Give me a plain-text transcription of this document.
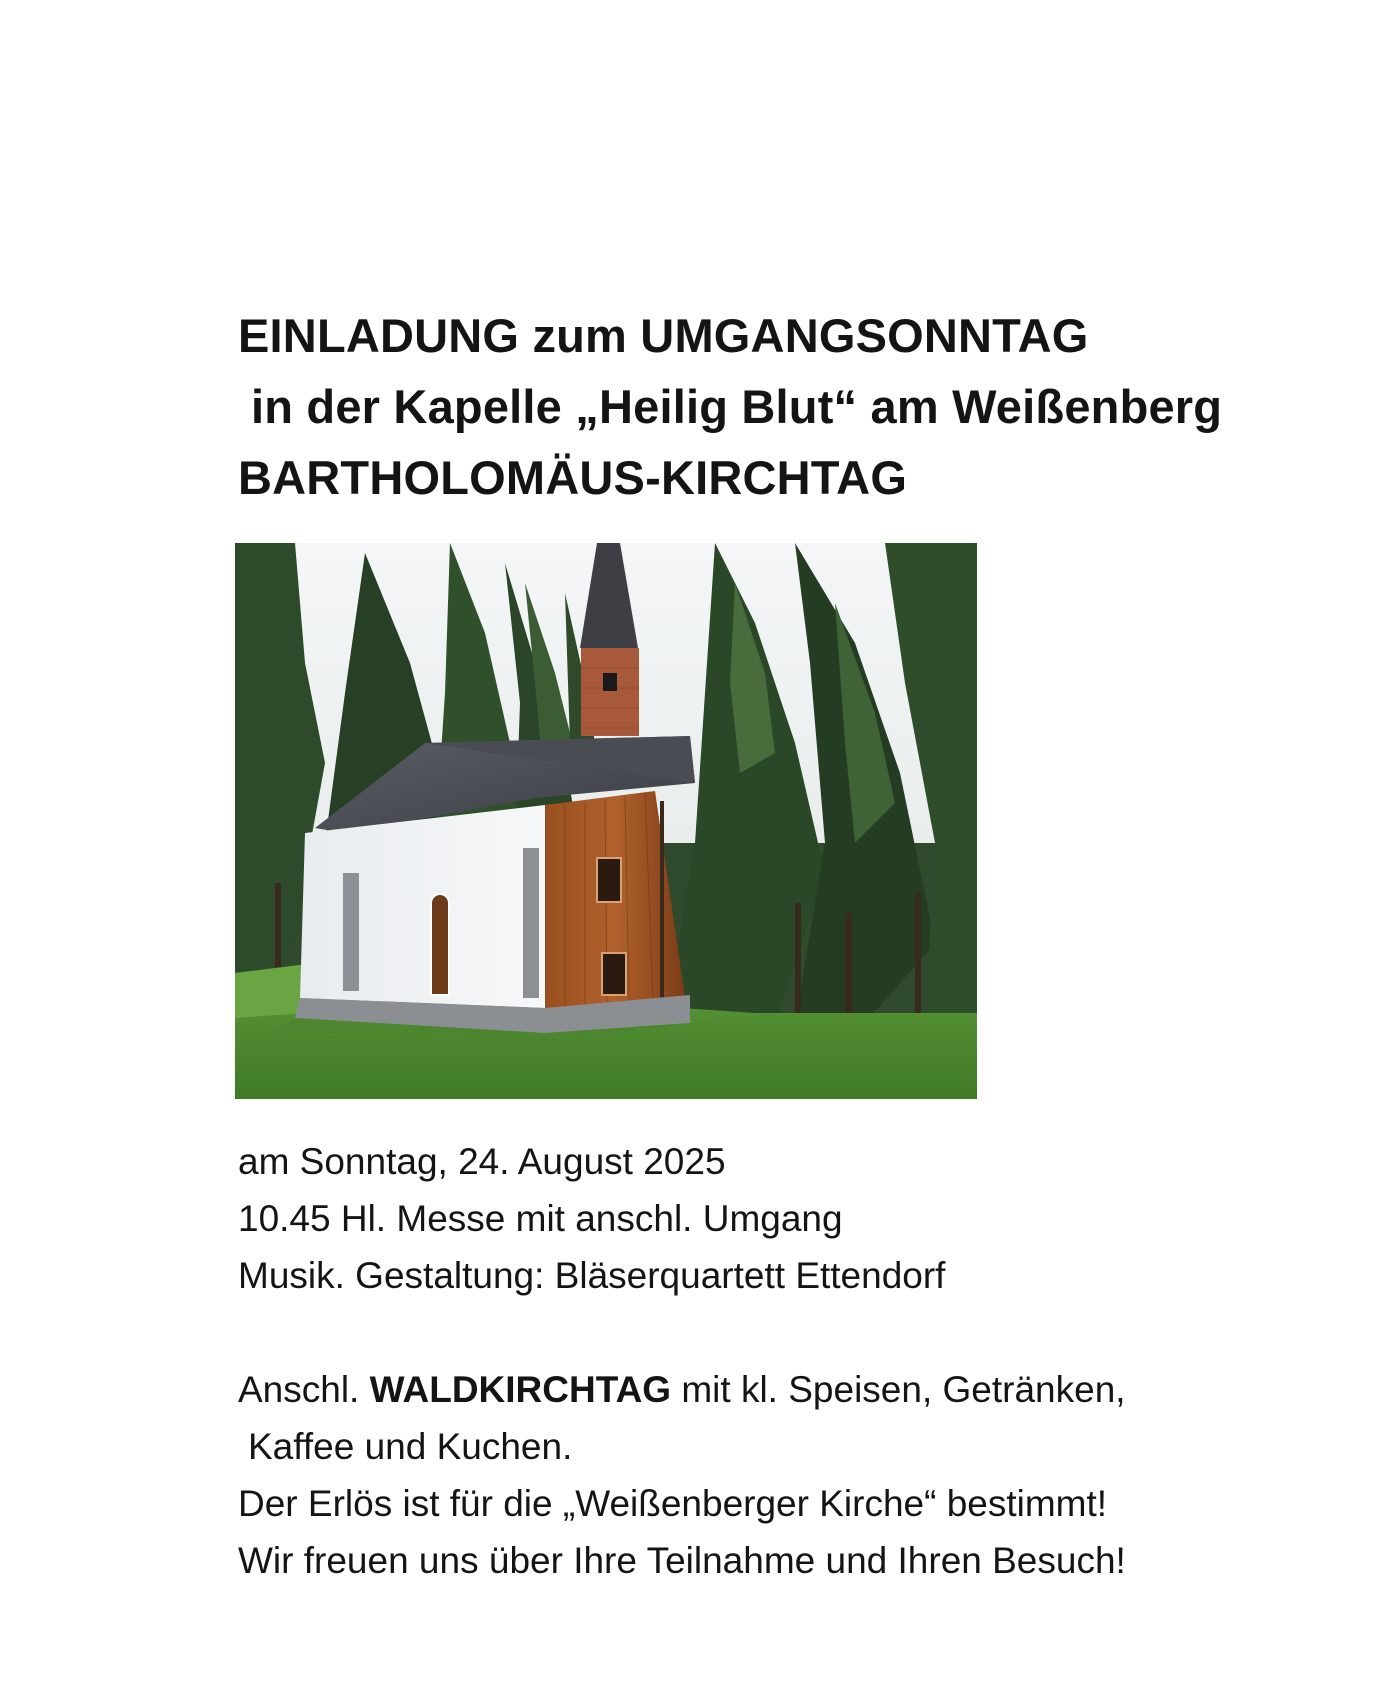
EINLADUNG zum UMGANGSONNTAG
in der Kapelle „Heilig Blut“ am Weißenberg
BARTHOLOMÄUS-KIRCHTAG
am Sonntag, 24. August 2025
10.45 Hl. Messe mit anschl. Umgang
Musik. Gestaltung: Bläserquartett Ettendorf
Anschl. WALDKIRCHTAG mit kl. Speisen, Getränken,
Kaffee und Kuchen.
Der Erlös ist für die „Weißenberger Kirche“ bestimmt!
Wir freuen uns über Ihre Teilnahme und Ihren Besuch!
